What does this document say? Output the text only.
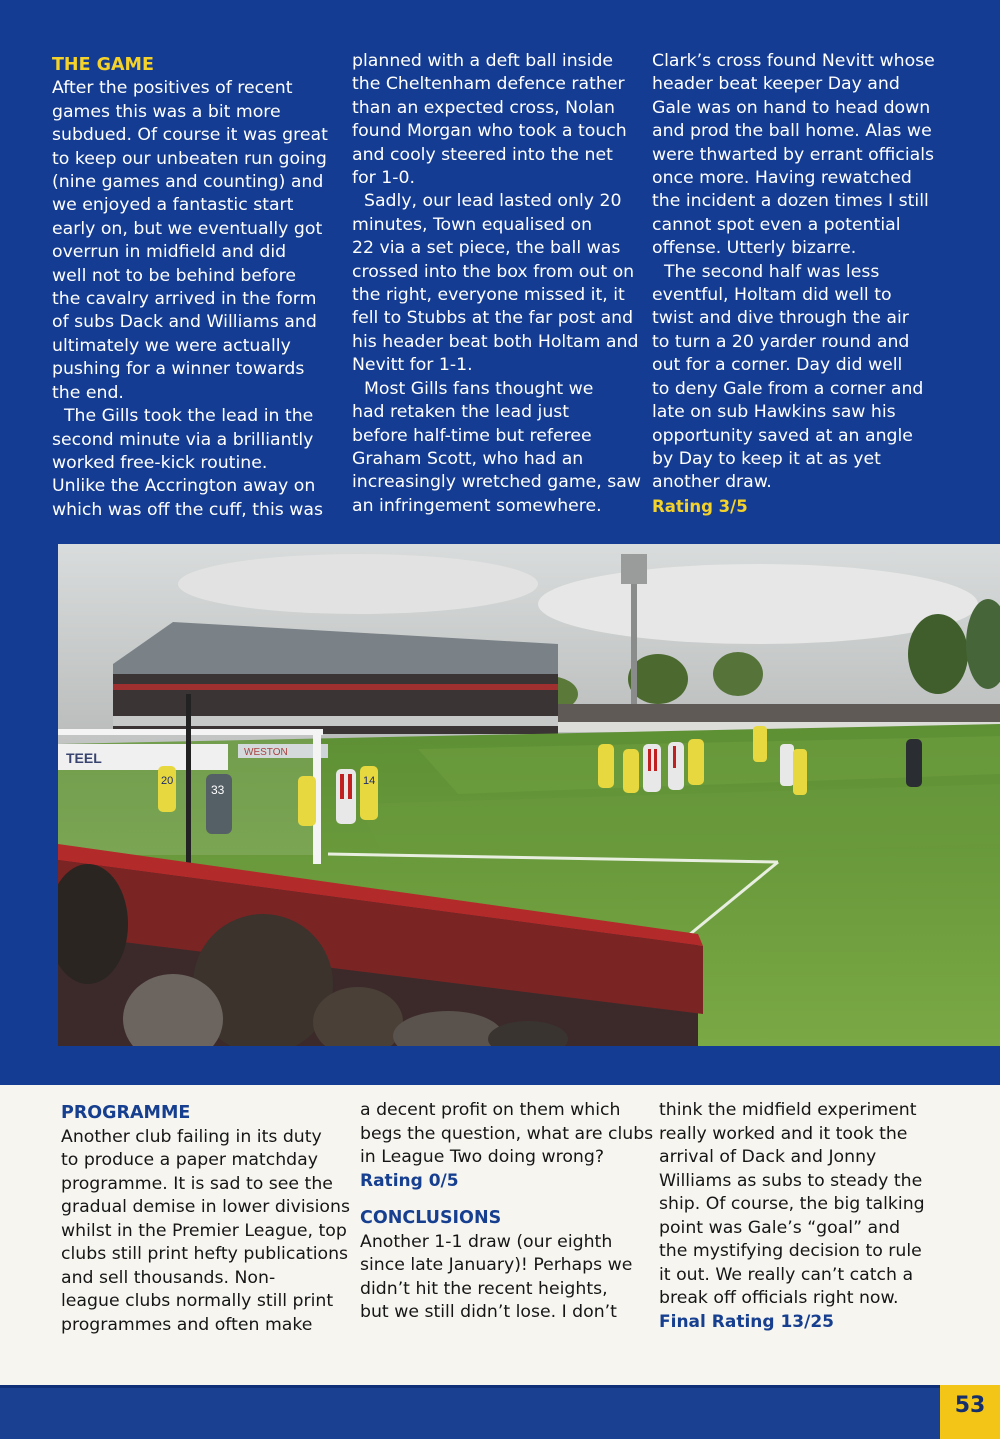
THE GAME

After the positives of recent

games this was a bit more

subdued. Of course it was great

to keep our unbeaten run going

(nine games and counting) and

we enjoyed a fantastic start

early on, but we eventually got

overrun in midfield and did

well not to be behind before

the cavalry arrived in the form

of subs Dack and Williams and

ultimately we were actually

pushing for a winner towards

the end.

The Gills took the lead in the

second minute via a brilliantly

worked free-kick routine.

Unlike the Accrington away on

which was off the cuff, this was

planned with a deft ball inside

the Cheltenham defence rather

than an expected cross, Nolan

found Morgan who took a touch

and cooly steered into the net

for 1-0.

Sadly, our lead lasted only 20

minutes, Town equalised on

22 via a set piece, the ball was

crossed into the box from out on

the right, everyone missed it, it

fell to Stubbs at the far post and

his header beat both Holtam and

Nevitt for 1-1.

Most Gills fans thought we

had retaken the lead just

before half-time but referee

Graham Scott, who had an

increasingly wretched game, saw

an infringement somewhere.

Clark’s cross found Nevitt whose

header beat keeper Day and

Gale was on hand to head down

and prod the ball home. Alas we

were thwarted by errant officials

once more. Having rewatched

the incident a dozen times I still

cannot spot even a potential

offense. Utterly bizarre.

The second half was less

eventful, Holtam did well to

twist and dive through the air

to turn a 20 yarder round and

out for a corner. Day did well

to deny Gale from a corner and

late on sub Hawkins saw his

opportunity saved at an angle

by Day to keep it at as yet

another draw.

Rating 3/5

TEEL	WESTON
20
33
14

PROGRAMME

Another club failing in its duty

to produce a paper matchday

programme. It is sad to see the

gradual demise in lower divisions

whilst in the Premier League, top

clubs still print hefty publications

and sell thousands. Non-

league clubs normally still print

programmes and often make

a decent profit on them which

begs the question, what are clubs

in League Two doing wrong?

Rating 0/5

CONCLUSIONS

Another 1-1 draw (our eighth

since late January)! Perhaps we

didn’t hit the recent heights,

but we still didn’t lose. I don’t

think the midfield experiment

really worked and it took the

arrival of Dack and Jonny

Williams as subs to steady the

ship. Of course, the big talking

point was Gale’s “goal” and

the mystifying decision to rule

it out. We really can’t catch a

break off officials right now.

Final Rating 13/25

53
